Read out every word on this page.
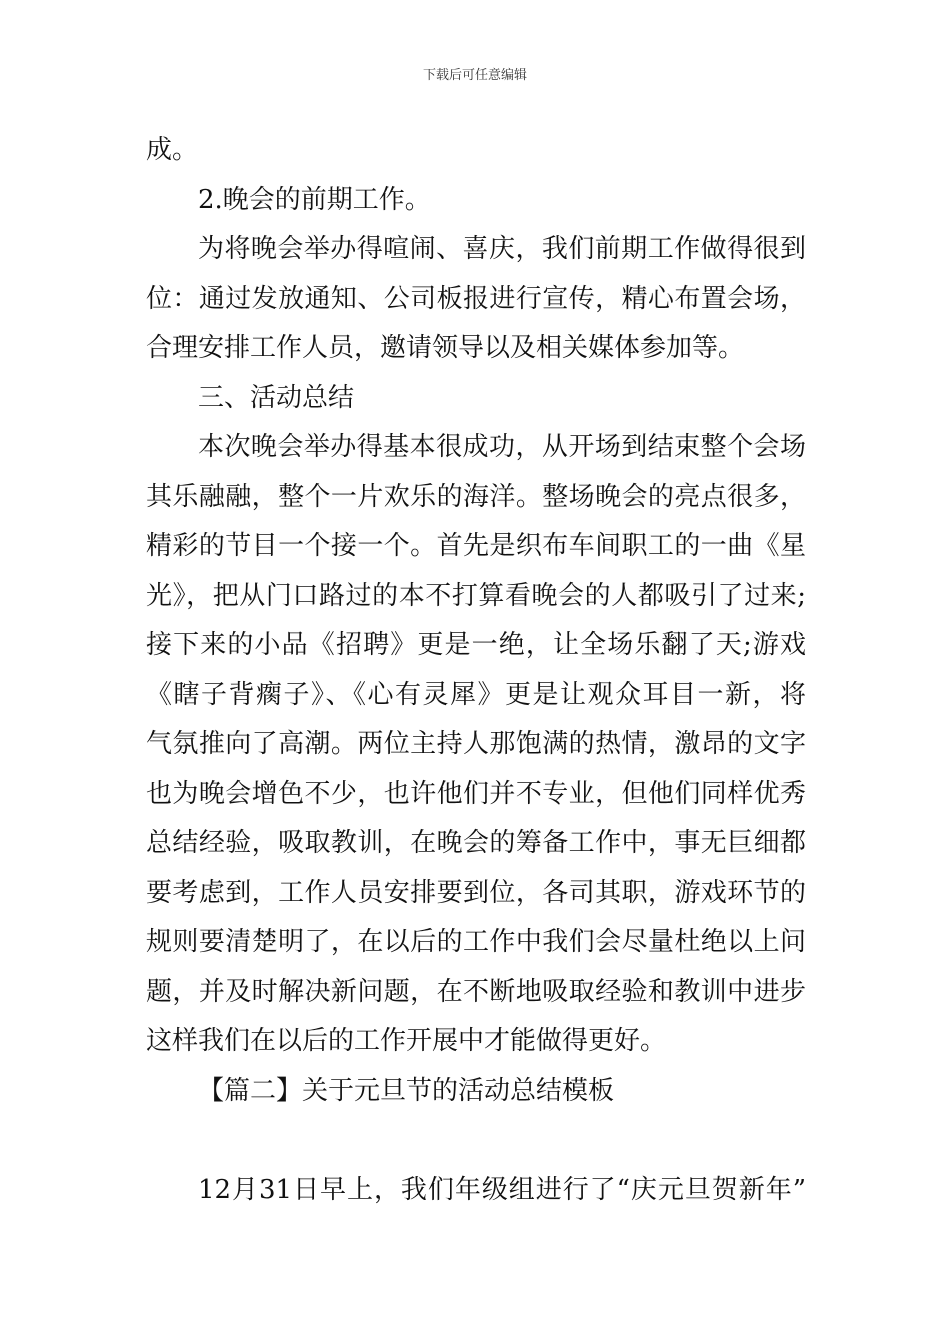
下载后可任意编辑
成。
2.晚会的前期工作。
为将晚会举办得喧闹、喜庆，我们前期工作做得很到
位：通过发放通知、公司板报进行宣传，精心布置会场，
合理安排工作人员，邀请领导以及相关媒体参加等。
三、活动总结
本次晚会举办得基本很成功，从开场到结束整个会场
其乐融融，整个一片欢乐的海洋。整场晚会的亮点很多，
精彩的节目一个接一个。首先是织布车间职工的一曲《星
光》，把从门口路过的本不打算看晚会的人都吸引了过来;
接下来的小品《招聘》更是一绝，让全场乐翻了天;游戏
《瞎子背瘸子》、《心有灵犀》更是让观众耳目一新，将
气氛推向了高潮。两位主持人那饱满的热情，激昂的文字
也为晚会增色不少，也许他们并不专业，但他们同样优秀
总结经验，吸取教训，在晚会的筹备工作中，事无巨细都
要考虑到，工作人员安排要到位，各司其职，游戏环节的
规则要清楚明了，在以后的工作中我们会尽量杜绝以上问
题，并及时解决新问题，在不断地吸取经验和教训中进步
这样我们在以后的工作开展中才能做得更好。
【篇二】关于元旦节的活动总结模板
12月31日早上，我们年级组进行了“庆元旦贺新年”
